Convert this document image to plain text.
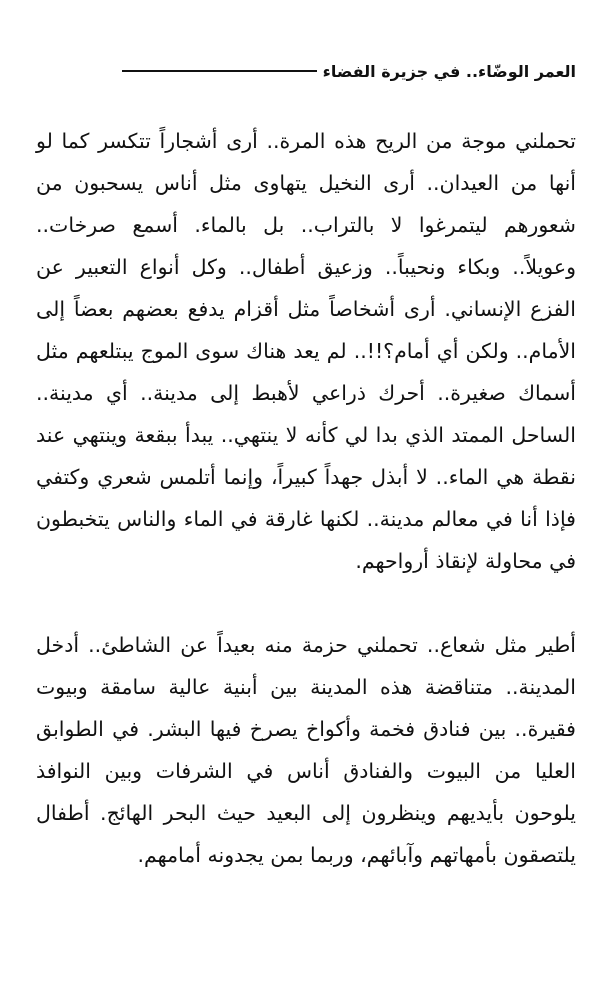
العمر الوضّاء.. في جزيرة الفضاء

تحملني موجة من الريح هذه المرة.. أرى أشجاراً تتكسر كما لو أنها من العيدان.. أرى النخيل يتهاوى مثل أناس يسحبون من شعورهم ليتمرغوا لا بالتراب.. بل بالماء. أسمع صرخات.. وعويلاً.. وبكاء ونحيباً.. وزعيق أطفال.. وكل أنواع التعبير عن الفزع الإنساني. أرى أشخاصاً مثل أقزام يدفع بعضهم بعضاً إلى الأمام.. ولكن أي أمام؟!!.. لم يعد هناك سوى الموج يبتلعهم مثل أسماك صغيرة.. أحرك ذراعي لأهبط إلى مدينة.. أي مدينة.. الساحل الممتد الذي بدا لي كأنه لا ينتهي.. يبدأ ببقعة وينتهي عند نقطة هي الماء.. لا أبذل جهداً كبيراً، وإنما أتلمس شعري وكتفي فإذا أنا في معالم مدينة.. لكنها غارقة في الماء والناس يتخبطون في محاولة لإنقاذ أرواحهم.

أطير مثل شعاع.. تحملني حزمة منه بعيداً عن الشاطئ.. أدخل المدينة.. متناقضة هذه المدينة بين أبنية عالية سامقة وبيوت فقيرة.. بين فنادق فخمة وأكواخ يصرخ فيها البشر. في الطوابق العليا من البيوت والفنادق أناس في الشرفات وبين النوافذ يلوحون بأيديهم وينظرون إلى البعيد حيث البحر الهائج. أطفال يلتصقون بأمهاتهم وآبائهم، وربما بمن يجدونه أمامهم.
